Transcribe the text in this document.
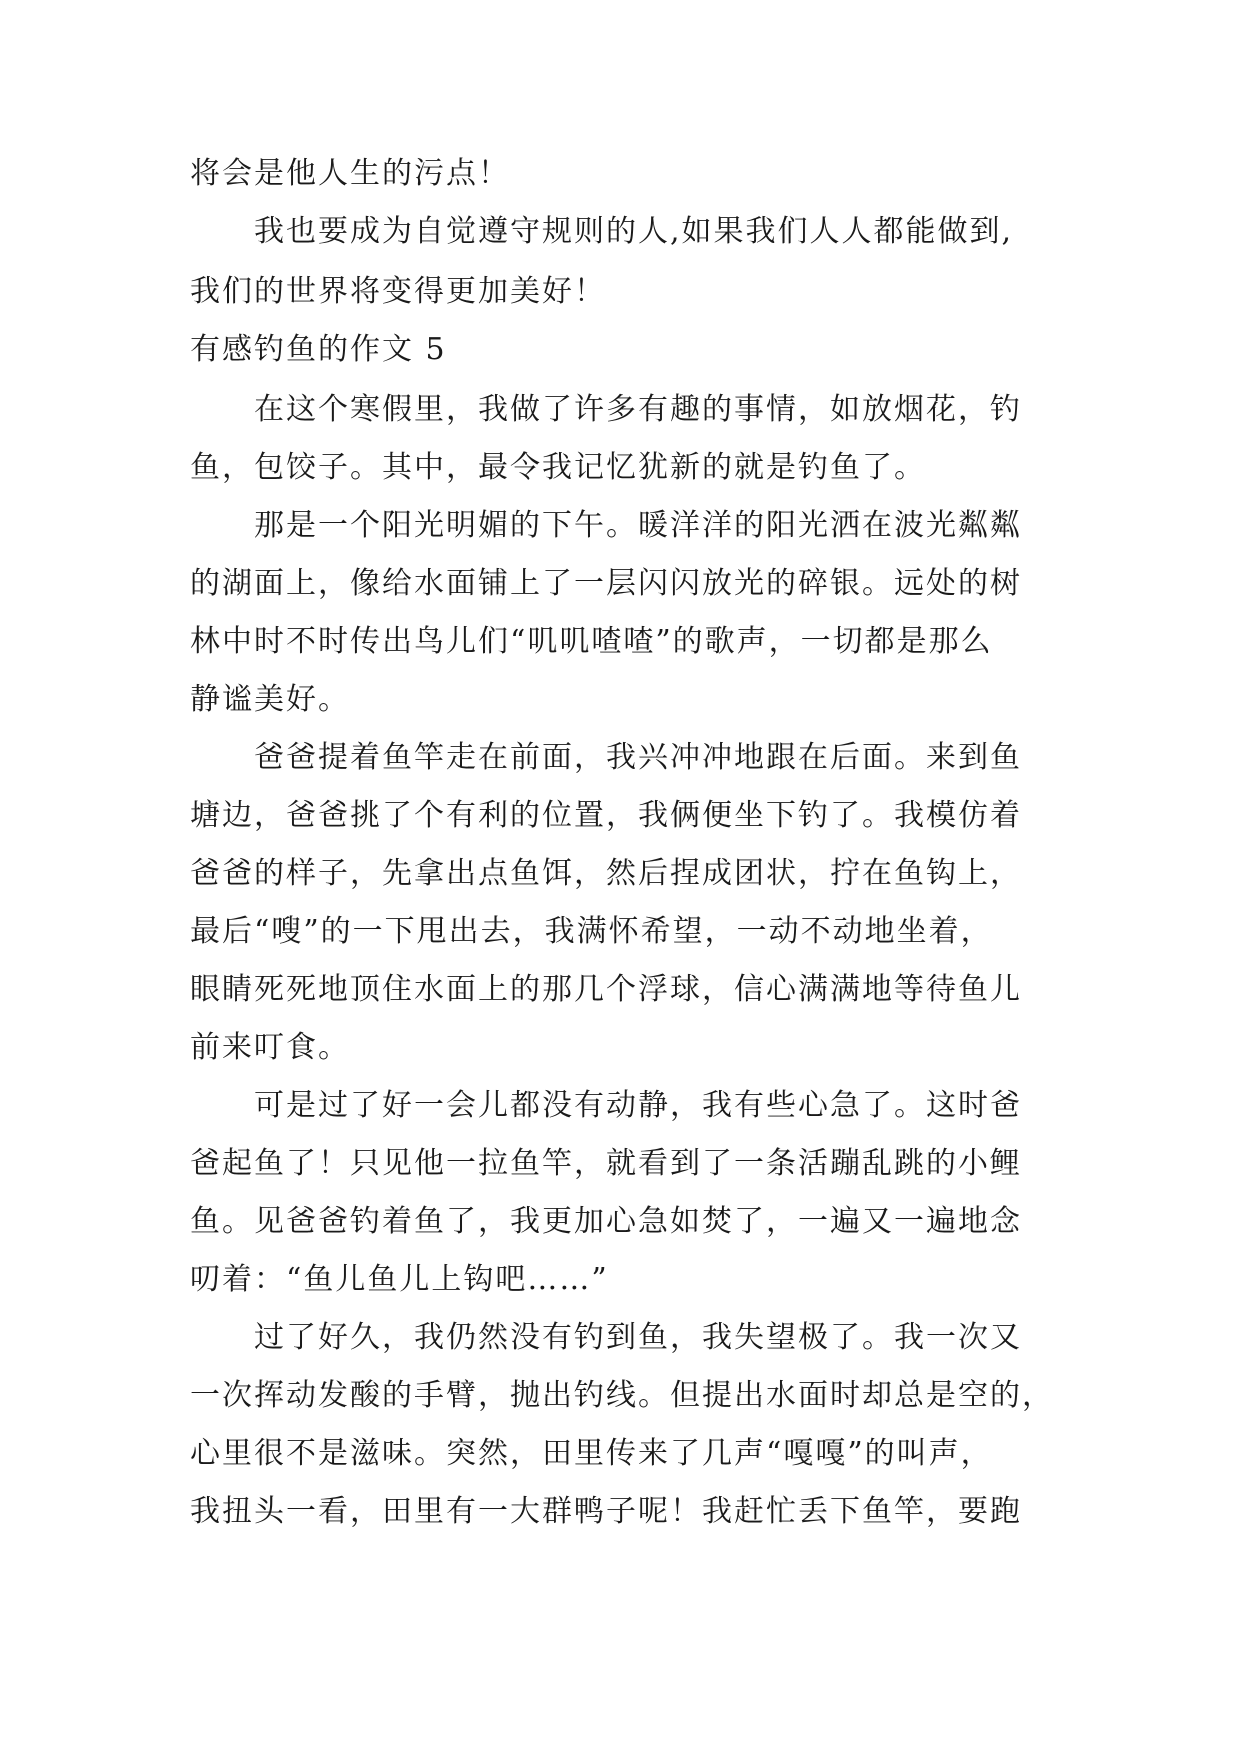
将会是他人生的污点！
我也要成为自觉遵守规则的人,如果我们人人都能做到,
我们的世界将变得更加美好！
有感钓鱼的作文 5
在这个寒假里，我做了许多有趣的事情，如放烟花，钓
鱼，包饺子。其中，最令我记忆犹新的就是钓鱼了。
那是一个阳光明媚的下午。暖洋洋的阳光洒在波光粼粼
的湖面上，像给水面铺上了一层闪闪放光的碎银。远处的树
林中时不时传出鸟儿们“叽叽喳喳”的歌声，一切都是那么
静谧美好。
爸爸提着鱼竿走在前面，我兴冲冲地跟在后面。来到鱼
塘边，爸爸挑了个有利的位置，我俩便坐下钓了。我模仿着
爸爸的样子，先拿出点鱼饵，然后捏成团状，拧在鱼钩上，
最后“嗖”的一下甩出去，我满怀希望，一动不动地坐着，
眼睛死死地顶住水面上的那几个浮球，信心满满地等待鱼儿
前来叮食。
可是过了好一会儿都没有动静，我有些心急了。这时爸
爸起鱼了！只见他一拉鱼竿，就看到了一条活蹦乱跳的小鲤
鱼。见爸爸钓着鱼了，我更加心急如焚了，一遍又一遍地念
叨着：“鱼儿鱼儿上钩吧……”
过了好久，我仍然没有钓到鱼，我失望极了。我一次又
一次挥动发酸的手臂，抛出钓线。但提出水面时却总是空的，
心里很不是滋味。突然，田里传来了几声“嘎嘎”的叫声，
我扭头一看，田里有一大群鸭子呢！我赶忙丢下鱼竿，要跑
